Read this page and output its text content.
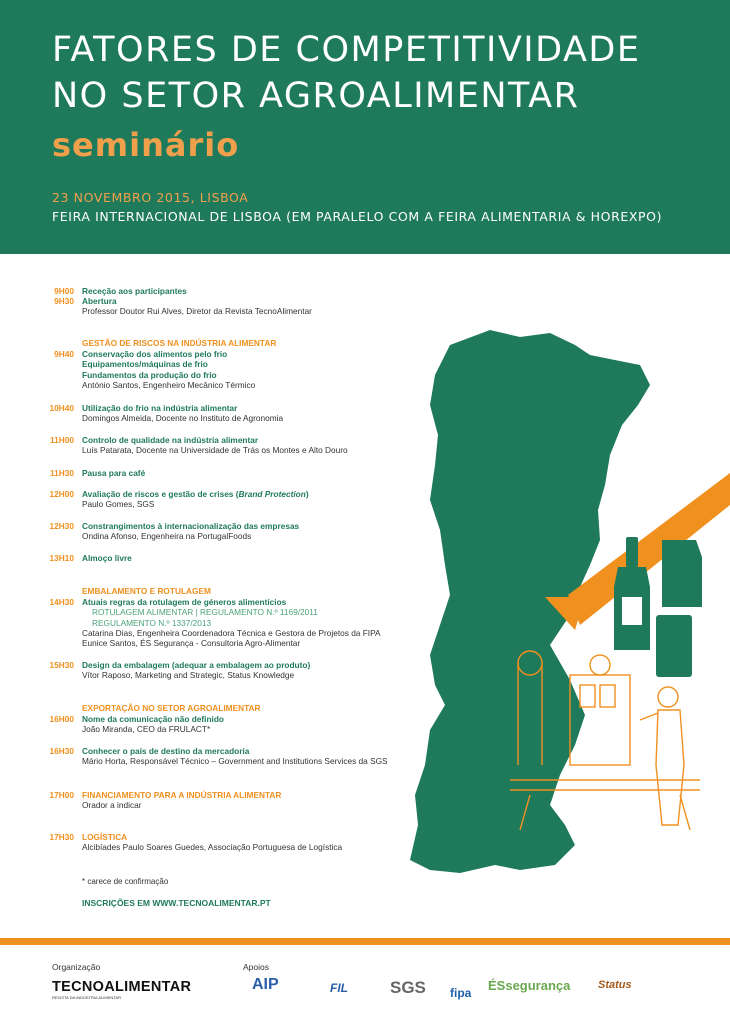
FATORES DE COMPETITIVIDADE
NO SETOR AGROALIMENTAR
seminário
23 NOVEMBRO 2015, LISBOA
FEIRA INTERNACIONAL DE LISBOA (EM PARALELO COM A FEIRA ALIMENTARIA & HOREXPO)
9H00 Receção aos participantes
9H30 Abertura
Professor Doutor Rui Alves, Diretor da Revista TecnoAlimentar
GESTÃO DE RISCOS NA INDÚSTRIA ALIMENTAR
9H40 Conservação dos alimentos pelo frio
Equipamentos/máquinas de frio
Fundamentos da produção do frio
António Santos, Engenheiro Mecânico Térmico
10H40 Utilização do frio na indústria alimentar
Domingos Almeida, Docente no Instituto de Agronomia
11H00 Controlo de qualidade na indústria alimentar
Luís Patarata, Docente na Universidade de Trás os Montes e Alto Douro
11H30 Pausa para café
12H00 Avaliação de riscos e gestão de crises (Brand Protection)
Paulo Gomes, SGS
12H30 Constrangimentos à internacionalização das empresas
Ondina Afonso, Engenheira na PortugalFoods
13H10 Almoço livre
EMBALAMENTO E ROTULAGEM
14H30 Atuais regras da rotulagem de géneros alimentícios
ROTULAGEM ALIMENTAR | REGULAMENTO N.º 1169/2011
REGULAMENTO N.º 1337/2013
Catarina Dias, Engenheira Coordenadora Técnica e Gestora de Projetos da FIPA
Eunice Santos, ÉS Segurança - Consultoria Agro-Alimentar
15H30 Design da embalagem (adequar a embalagem ao produto)
Vítor Raposo, Marketing and Strategic, Status Knowledge
EXPORTAÇÃO NO SETOR AGROALIMENTAR
16H00 Nome da comunicação não definido
João Miranda, CEO da FRULACT*
16H30 Conhecer o país de destino da mercadoria
Mário Horta, Responsável Técnico – Government and Institutions Services da SGS
17H00 FINANCIAMENTO PARA A INDÚSTRIA ALIMENTAR
Orador a indicar
17H30 LOGÍSTICA
Alcibíades Paulo Soares Guedes, Associação Portuguesa de Logística
* carece de confirmação
INSCRIÇÕES EM WWW.TECNOALIMENTAR.PT
Organização
TECNOALIMENTAR
REVISTA DA INDÚSTRIA ALIMENTAR
Apoios
AIP	FIL SGS fipa ÉSsegurança	Status
